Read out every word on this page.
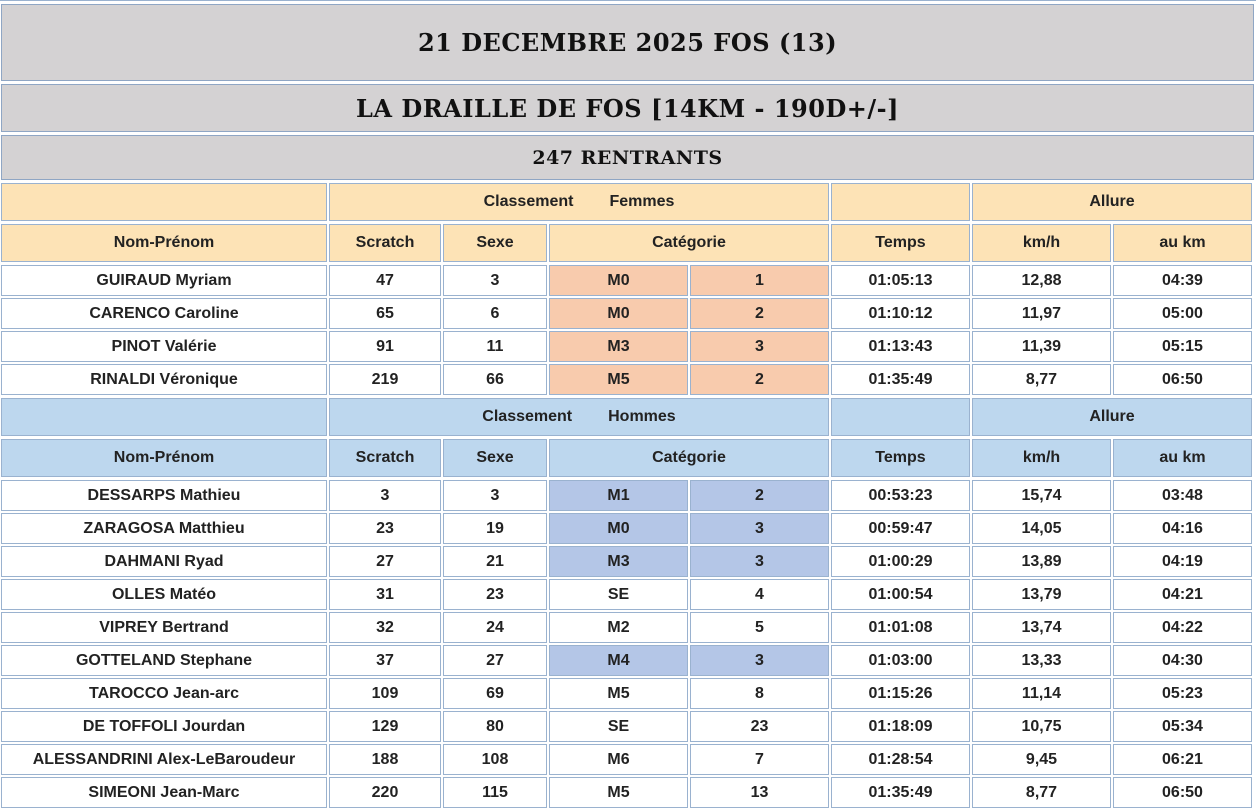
21 DECEMBRE 2025 FOS (13)
LA DRAILLE DE FOS [14KM - 190D+/-]
247 RENTRANTS
Classement Femmes	Allure
Nom-Prénom	Scratch	Sexe	Catégorie	Temps	km/h	au km
GUIRAUD Myriam	47	3	M0	1	01:05:13	12,88	04:39
CARENCO Caroline	65	6	M0	2	01:10:12	11,97	05:00
PINOT Valérie	91	11	M3	3	01:13:43	11,39	05:15
RINALDI Véronique	219	66	M5	2	01:35:49	8,77	06:50
Classement Hommes	Allure
Nom-Prénom	Scratch	Sexe	Catégorie	Temps	km/h	au km
DESSARPS Mathieu	3	3	M1	2	00:53:23	15,74	03:48
ZARAGOSA Matthieu	23	19	M0	3	00:59:47	14,05	04:16
DAHMANI Ryad	27	21	M3	3	01:00:29	13,89	04:19
OLLES Matéo	31	23	SE	4	01:00:54	13,79	04:21
VIPREY Bertrand	32	24	M2	5	01:01:08	13,74	04:22
GOTTELAND Stephane	37	27	M4	3	01:03:00	13,33	04:30
TAROCCO Jean-arc	109	69	M5	8	01:15:26	11,14	05:23
DE TOFFOLI Jourdan	129	80	SE	23	01:18:09	10,75	05:34
ALESSANDRINI Alex-LeBaroudeur	188	108	M6	7	01:28:54	9,45	06:21
SIMEONI Jean-Marc	220	115	M5	13	01:35:49	8,77	06:50
